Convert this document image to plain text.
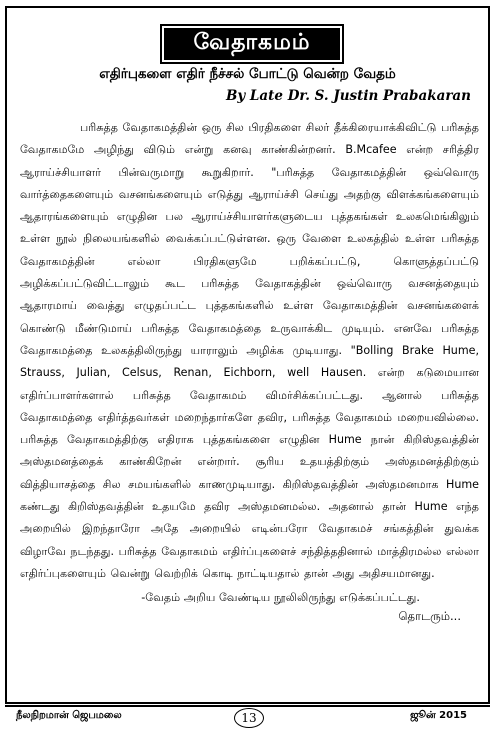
வேதாகமம்
எதிர்புகளை எதிர் நீச்சல் போட்டு வென்ற வேதம்
By Late Dr. S. Justin Prabakaran

பரிசுத்த வேதாகமத்தின் ஒரு சில பிரதிகளை சிலர் தீக்கிரையாக்கிவிட்டு பரிசுத்த வேதாகமமே அழிந்து விடும் என்று கனவு காண்கின்றனர். B.Mcafee என்ற சரித்திர ஆராய்ச்சியாளர் பின்வருமாறு கூறுகிறார். "பரிசுத்த வேதாகமத்தின் ஒவ்வொரு வார்த்தைகளையும் வசனங்களையும் எடுத்து ஆராய்ச்சி செய்து அதற்கு விளக்கங்களையும் ஆதாரங்களையும் எழுதின பல ஆராய்ச்சியாளர்களுடைய புத்தகங்கள் உலகமெங்கிலும் உள்ள நூல் நிலையங்களில் வைக்கப்பட்டுள்ளன. ஒரு வேளை உலகத்தில் உள்ள பரிசுத்த வேதாகமத்தின் எல்லா பிரதிகளுமே பறிக்கப்பட்டு, கொளுத்தப்பட்டு அழிக்கப்பட்டுவிட்டாலும் கூட பரிசுத்த வேதாகத்தின் ஒவ்வொரு வசனத்தையும் ஆதாரமாய் வைத்து எழுதப்பட்ட புத்தகங்களில் உள்ள வேதாகமத்தின் வசனங்களைக் கொண்டு மீண்டுமாய் பரிசுத்த வேதாகமத்தை உருவாக்கிட முடியும். எனவே பரிசுத்த வேதாகமத்தை உலகத்திலிருந்து யாராலும் அழிக்க முடியாது. "Bolling Brake Hume, Strauss, Julian, Celsus, Renan, Eichborn, well Hausen. என்ற கடுமையான எதிர்ப்பாளர்களால் பரிசுத்த வேதாகமம் விமர்சிக்கப்பட்டது. ஆனால் பரிசுத்த வேதாகமத்தை எதிர்த்தவர்கள் மறைந்தார்களே தவிர, பரிசுத்த வேதாகமம் மறையவில்லை. பரிசுத்த வேதாகமத்திற்கு எதிராக புத்தகங்களை எழுதின Hume நான் கிறிஸ்தவத்தின் அஸ்தமனத்தைக் காண்கிறேன் என்றார். சூரிய உதயத்திற்கும் அஸ்தமனத்திற்கும் வித்தியாசத்தை சில சமயங்களில் காணமுடியாது. கிறிஸ்தவத்தின் அஸ்தமனமாக Hume கண்டது கிறிஸ்தவத்தின் உதயமே தவிர அஸ்தமனமல்ல. அதனால் தான் Hume எந்த அறையில் இறந்தாரோ அதே அறையில் எடின்பரோ வேதாகமச் சங்கத்தின் துவக்க விழாவே நடந்தது. பரிசுத்த வேதாகமம் எதிர்ப்புகளைச் சந்தித்ததினால் மாத்திரமல்ல எல்லா எதிர்ப்புகளையும் வென்று வெற்றிக் கொடி நாட்டியதால் தான் அது அதிசயமானது.

-வேதம் அறிய வேண்டிய நூலிலிருந்து எடுக்கப்பட்டது.
தொடரும்...
நீலநிறமான் ஜெபமலை	13	ஜூன் 2015
